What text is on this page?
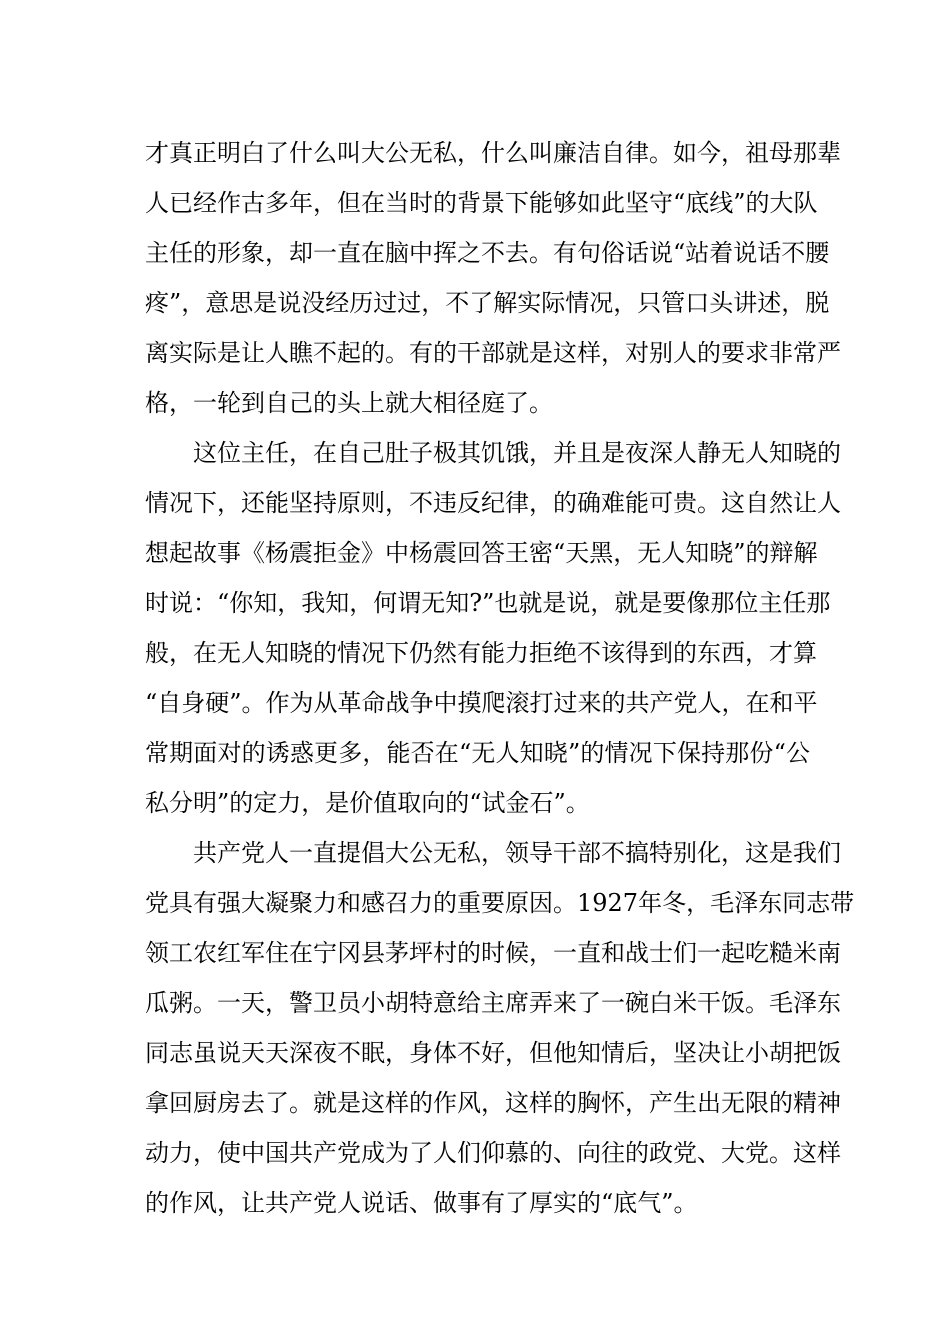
才真正明白了什么叫大公无私，什么叫廉洁自律。如今，祖母那辈
人已经作古多年，但在当时的背景下能够如此坚守“底线”的大队
主任的形象，却一直在脑中挥之不去。有句俗话说“站着说话不腰
疼”，意思是说没经历过过，不了解实际情况，只管口头讲述，脱
离实际是让人瞧不起的。有的干部就是这样，对别人的要求非常严
格，一轮到自己的头上就大相径庭了。
这位主任，在自己肚子极其饥饿，并且是夜深人静无人知晓的
情况下，还能坚持原则，不违反纪律，的确难能可贵。这自然让人
想起故事《杨震拒金》中杨震回答王密“天黑，无人知晓”的辩解
时说：“你知，我知，何谓无知?”也就是说，就是要像那位主任那
般，在无人知晓的情况下仍然有能力拒绝不该得到的东西，才算
“自身硬”。作为从革命战争中摸爬滚打过来的共产党人，在和平
常期面对的诱惑更多，能否在“无人知晓”的情况下保持那份“公
私分明”的定力，是价值取向的“试金石”。
共产党人一直提倡大公无私，领导干部不搞特别化，这是我们
党具有强大凝聚力和感召力的重要原因。1927年冬，毛泽东同志带
领工农红军住在宁冈县茅坪村的时候，一直和战士们一起吃糙米南
瓜粥。一天，警卫员小胡特意给主席弄来了一碗白米干饭。毛泽东
同志虽说天天深夜不眠，身体不好，但他知情后，坚决让小胡把饭
拿回厨房去了。就是这样的作风，这样的胸怀，产生出无限的精神
动力，使中国共产党成为了人们仰慕的、向往的政党、大党。这样
的作风，让共产党人说话、做事有了厚实的“底气”。
